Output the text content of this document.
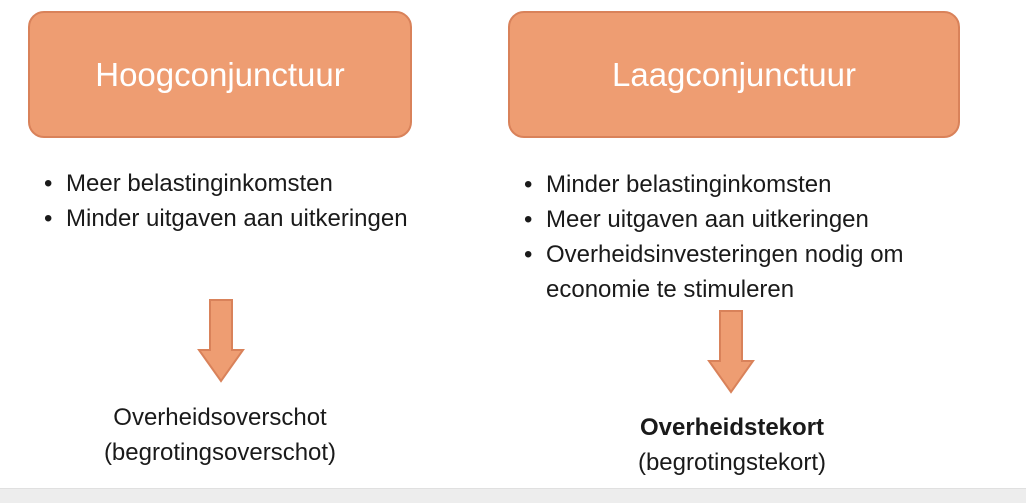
Hoogconjunctuur	Laagconjunctuur
• Meer belastinginkomsten
• Minder uitgaven aan uitkeringen
• Minder belastinginkomsten
• Meer uitgaven aan uitkeringen
• Overheidsinvesteringen nodig om economie te stimuleren
Overheidsoverschot
(begrotingsoverschot)
Overheidstekort
(begrotingstekort)
